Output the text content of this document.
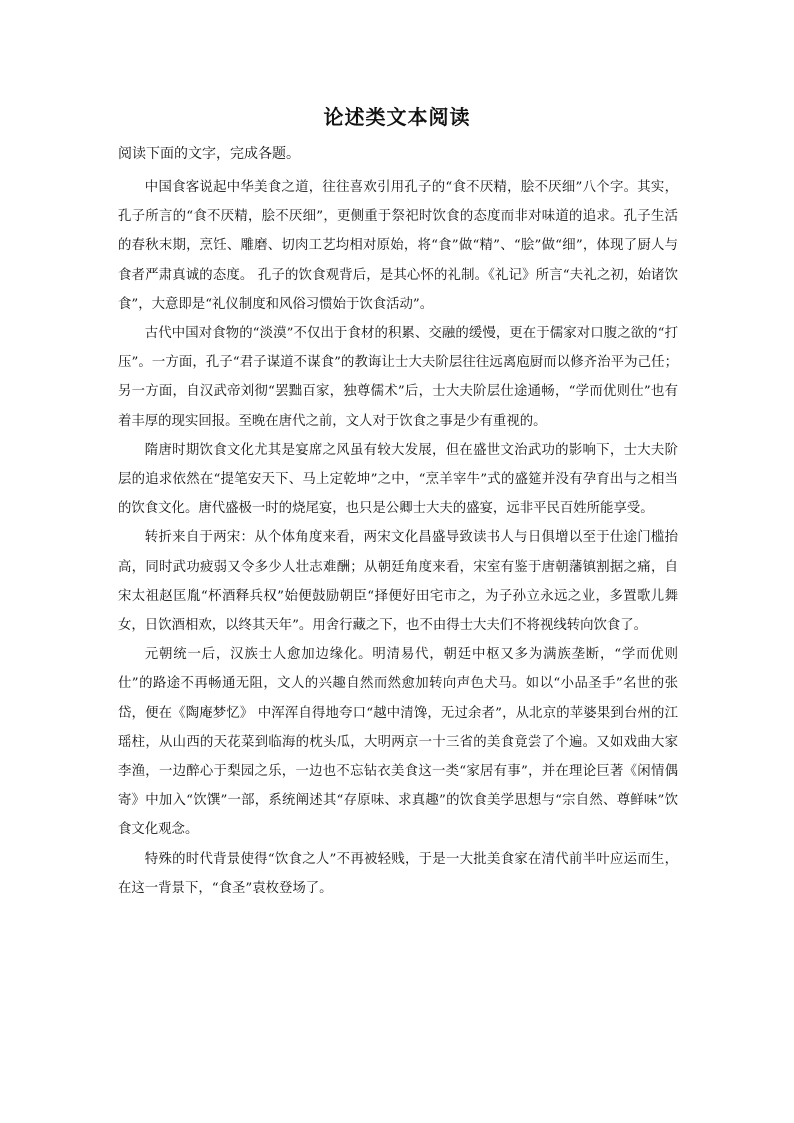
论述类文本阅读
阅读下面的文字，完成各题。

中国食客说起中华美食之道，往往喜欢引用孔子的“食不厌精，脍不厌细”八个字。其实，孔子所言的“食不厌精，脍不厌细”，更侧重于祭祀时饮食的态度而非对味道的追求。孔子生活的春秋末期，烹饪、雕磨、切肉工艺均相对原始，将“食”做“精”、“脍”做“细”，体现了厨人与食者严肃真诚的态度。 孔子的饮食观背后，是其心怀的礼制。《礼记》所言“夫礼之初，始诸饮食”，大意即是“礼仪制度和风俗习惯始于饮食活动”。

古代中国对食物的“淡漠”不仅出于食材的积累、交融的缓慢，更在于儒家对口腹之欲的“打压”。一方面，孔子“君子谋道不谋食”的教诲让士大夫阶层往往远离庖厨而以修齐治平为己任；另一方面，自汉武帝刘彻“罢黜百家，独尊儒术”后，士大夫阶层仕途通畅，“学而优则仕”也有着丰厚的现实回报。至晚在唐代之前，文人对于饮食之事是少有重视的。

隋唐时期饮食文化尤其是宴席之风虽有较大发展，但在盛世文治武功的影响下，士大夫阶层的追求依然在“提笔安天下、马上定乾坤”之中，“烹羊宰牛”式的盛筵并没有孕育出与之相当的饮食文化。唐代盛极一时的烧尾宴，也只是公卿士大夫的盛宴，远非平民百姓所能享受。

转折来自于两宋：从个体角度来看，两宋文化昌盛导致读书人与日俱增以至于仕途门槛抬高，同时武功疲弱又令多少人壮志难酬；从朝廷角度来看，宋室有鉴于唐朝藩镇割据之痛，自宋太祖赵匡胤“杯酒释兵权”始便鼓励朝臣“择便好田宅市之，为子孙立永远之业，多置歌儿舞女，日饮酒相欢，以终其天年”。用舍行藏之下，也不由得士大夫们不将视线转向饮食了。

元朝统一后，汉族士人愈加边缘化。明清易代，朝廷中枢又多为满族垄断，“学而优则仕”的路途不再畅通无阻，文人的兴趣自然而然愈加转向声色犬马。如以“小品圣手”名世的张岱，便在《陶庵梦忆》 中浑浑自得地夸口“越中清馋，无过余者”，从北京的苹婆果到台州的江瑶柱，从山西的天花菜到临海的枕头瓜，大明两京一十三省的美食竟尝了个遍。又如戏曲大家李渔，一边醉心于梨园之乐，一边也不忘钻衣美食这一类“家居有事”，并在理论巨著《闲情偶寄》中加入“饮馔”一部，系统阐述其“存原味、求真趣”的饮食美学思想与“宗自然、尊鲜味”饮食文化观念。

特殊的时代背景使得“饮食之人”不再被轻贱，于是一大批美食家在清代前半叶应运而生，在这一背景下，“食圣”袁枚登场了。
